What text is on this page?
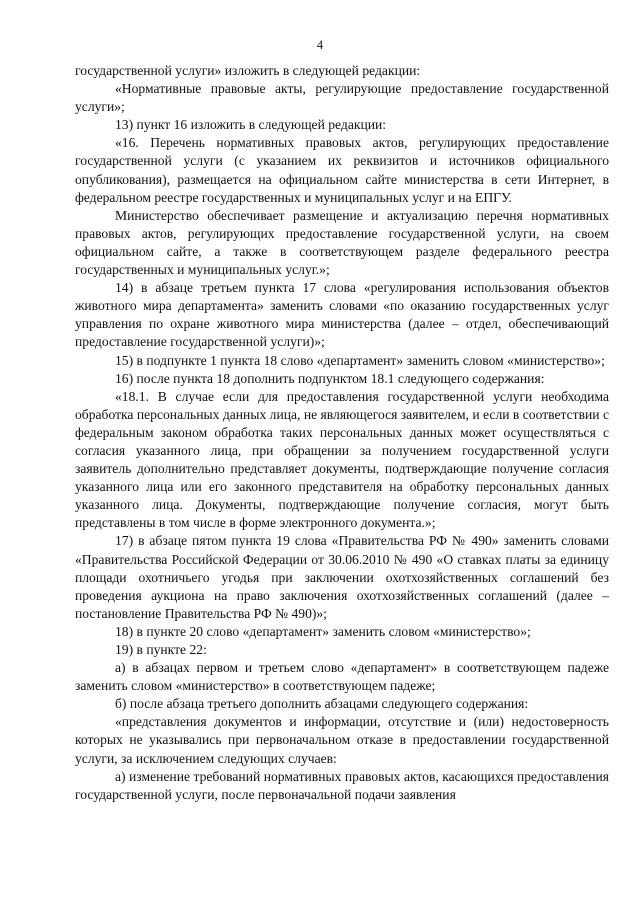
4

государственной услуги» изложить в следующей редакции:

«Нормативные правовые акты, регулирующие предоставление государственной услуги»;

13) пункт 16 изложить в следующей редакции:

«16. Перечень нормативных правовых актов, регулирующих предоставление государственной услуги (с указанием их реквизитов и источников официального опубликования), размещается на официальном сайте министерства в сети Интернет, в федеральном реестре государственных и муниципальных услуг и на ЕПГУ.

Министерство обеспечивает размещение и актуализацию перечня нормативных правовых актов, регулирующих предоставление государственной услуги, на своем официальном сайте, а также в соответствующем разделе федерального реестра государственных и муниципальных услуг.»;

14) в абзаце третьем пункта 17 слова «регулирования использования объектов животного мира департамента» заменить словами «по оказанию государственных услуг управления по охране животного мира министерства (далее – отдел, обеспечивающий предоставление государственной услуги)»;

15) в подпункте 1 пункта 18 слово «департамент» заменить словом «министерство»;

16) после пункта 18 дополнить подпунктом 18.1 следующего содержания:

«18.1. В случае если для предоставления государственной услуги необходима обработка персональных данных лица, не являющегося заявителем, и если в соответствии с федеральным законом обработка таких персональных данных может осуществляться с согласия указанного лица, при обращении за получением государственной услуги заявитель дополнительно представляет документы, подтверждающие получение согласия указанного лица или его законного представителя на обработку персональных данных указанного лица. Документы, подтверждающие получение согласия, могут быть представлены в том числе в форме электронного документа.»;

17) в абзаце пятом пункта 19 слова «Правительства РФ № 490» заменить словами «Правительства Российской Федерации от 30.06.2010 № 490 «О ставках платы за единицу площади охотничьего угодья при заключении охотхозяйственных соглашений без проведения аукциона на право заключения охотхозяйственных соглашений (далее – постановление Правительства РФ № 490)»;

18) в пункте 20 слово «департамент» заменить словом «министерство»;

19) в пункте 22:

а) в абзацах первом и третьем слово «департамент» в соответствующем падеже заменить словом «министерство» в соответствующем падеже;

б) после абзаца третьего дополнить абзацами следующего содержания:

«представления документов и информации, отсутствие и (или) недостоверность которых не указывались при первоначальном отказе в предоставлении государственной услуги, за исключением следующих случаев:

а) изменение требований нормативных правовых актов, касающихся предоставления государственной услуги, после первоначальной подачи заявления
